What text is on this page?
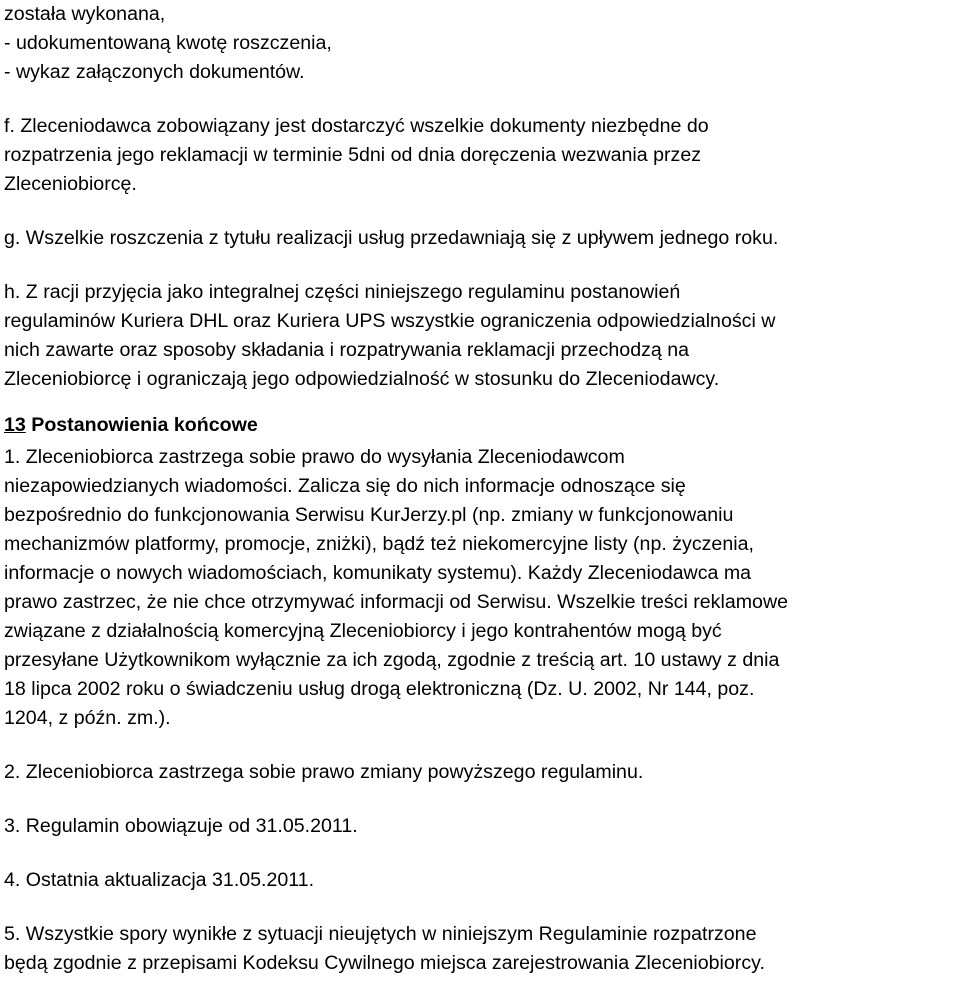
została wykonana,
- udokumentowaną kwotę roszczenia,
- wykaz załączonych dokumentów.
f. Zleceniodawca zobowiązany jest dostarczyć wszelkie dokumenty niezbędne do
rozpatrzenia jego reklamacji w terminie 5dni od dnia doręczenia wezwania przez
Zleceniobiorcę.
g. Wszelkie roszczenia z tytułu realizacji usług przedawniają się z upływem jednego roku.
h. Z racji przyjęcia jako integralnej części niniejszego regulaminu postanowień
regulaminów Kuriera DHL oraz Kuriera UPS wszystkie ograniczenia odpowiedzialności w
nich zawarte oraz sposoby składania i rozpatrywania reklamacji przechodzą na
Zleceniobiorcę i ograniczają jego odpowiedzialność w stosunku do Zleceniodawcy.
13 Postanowienia końcowe
1. Zleceniobiorca zastrzega sobie prawo do wysyłania Zleceniodawcom
niezapowiedzianych wiadomości. Zalicza się do nich informacje odnoszące się
bezpośrednio do funkcjonowania Serwisu KurJerzy.pl (np. zmiany w funkcjonowaniu
mechanizmów platformy, promocje, zniżki), bądź też niekomercyjne listy (np. życzenia,
informacje o nowych wiadomościach, komunikaty systemu). Każdy Zleceniodawca ma
prawo zastrzec, że nie chce otrzymywać informacji od Serwisu. Wszelkie treści reklamowe
związane z działalnością komercyjną Zleceniobiorcy i jego kontrahentów mogą być
przesyłane Użytkownikom wyłącznie za ich zgodą, zgodnie z treścią art. 10 ustawy z dnia
18 lipca 2002 roku o świadczeniu usług drogą elektroniczną (Dz. U. 2002, Nr 144, poz.
1204, z późn. zm.).
2. Zleceniobiorca zastrzega sobie prawo zmiany powyższego regulaminu.
3. Regulamin obowiązuje od 31.05.2011.
4. Ostatnia aktualizacja 31.05.2011.
5. Wszystkie spory wynikłe z sytuacji nieujętych w niniejszym Regulaminie rozpatrzone
będą zgodnie z przepisami Kodeksu Cywilnego miejsca zarejestrowania Zleceniobiorcy.
